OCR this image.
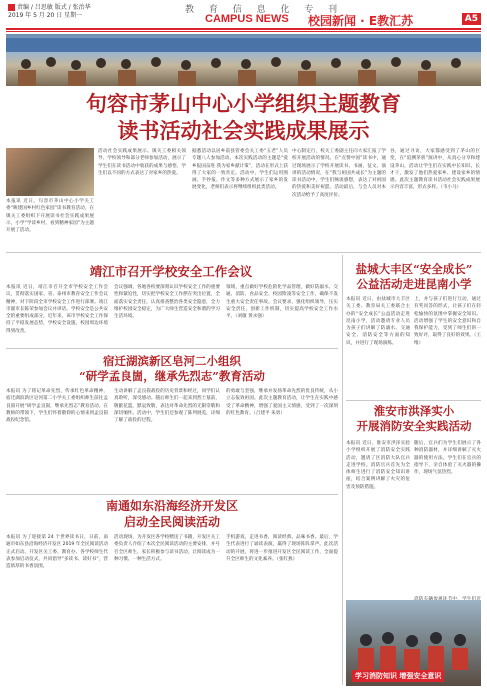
责编 / 吕思敏 版式 / 张治华
2019 年 5 月 20 日 星期一
教 育 信 息 化 专 刊
CAMPUS NEWS 校园新闻 · E教汇苏	A5
句容市茅山中心小学组织主题教育
读书活动社会实践成果展示
本报讯 近日，句容市茅山中心小学关工委“映建国乡村红色家园”读书教育活动，在镇关工委组织下开展读书社会实践成果展示，小学“学读乡村，看到精神家园”为主题开展了活动。
活动社会实践成果展示。镇关工委相关领导、学校领导和部分老师参加活动，展示了学生们在读书活动中收获的成果与感悟，学生们以不同的方式表达了对家乡的热爱。
据悉活动以居乡前县管委会关工委“五老”人员专题八人参加活动。本次实践活动的主题是“爱乡报国奋进 我为家乡献计策”，活动在形式上获得了大家的一致肯定。活动中，学生们运用图画、手抄报、作文等多种方式展示了家乡的发展变化，老师们表示将继续组织此类活动。
中心制定行，校关工委副主任向大家汇报了学校开展活动的情况。在“点赞中国”读书中，通过现场展示了学校开展读书、书画、征文、演讲的活动情况，在“我与祖国共成长”为主题的读书活动中，学生们畅谈感想，表达了对祖国的热爱和美好祝愿。活动最后，与会人员对本次活动给予了高度评价。
谷，通过寻访，大家都感受到了茅山的巨变，在“追溯茅骄”演讲中，从真心分享和建设茅山，活动让学生们在实践中长知识、长才干，激发了他们热爱家乡、建设家乡的情感。此次主题教育读书活动社会实践成果展示内容丰富，形式多样。（韦小马）
靖江市召开学校安全工作会议
本报讯 近日，靖江市召开全市学校安全工作会议，贯彻落实国家、省、泰州市教育安全工作会议精神，对下阶段全市学校安全工作进行部署。靖江市副市长陈荣参加会议并讲话。学校安全是公共安全的重要组成部分，近年来，该市学校安全工作保持了平稳发展态势，学校安全设施、校园周边环境得到改善。
会议强调，各地各校要深刻认识学校安全工作的重要性和紧迫性，切实把学校安全工作摆在突出位置，全面落实安全责任，认真排查整治各类安全隐患，全力维护校园安全稳定，为广大师生营造安全和谐的学习生活环境。
领域，重点做好学校危险化学品管理，做好防溺水、交通、消防、食品安全、校园欺凌等安全工作，确保不发生重大安全责任事故。会议要求，强化组织领导，压实安全责任，创新工作机制，切实提高学校安全工作水平。（刘敏 黄永强）
宿迁湖滨新区皂河二小组织
“研学孟良崮，继承先烈志”教育活动
本报讯 为了铭记革命先烈，传承红色革命精神，宿迁湖滨新区皂河第二小学关工委组织师生前往孟良崮开展“研学孟良崮，继承先烈志”教育活动。在教师的带领下，学生们怀着敬仰的心情来到孟良崮战役纪念馆。
生动讲解了孟良崮战役的历史背景和经过，同学们认真聆听，深受感动。随后师生们一起来到烈士墓前，敬献花篮，默哀致敬，表达对革命先烈的无限崇敬和深切缅怀。活动中，学生们还参观了陈列展览，详细了解了战役的过程。
的勇敢与坚强，继承并发扬革命先烈的优良传统，从小立志报效祖国。此次主题教育活动，让学生在实践中感受了革命精神，增强了爱国主义情感，受到了一次深刻的红色教育。（吕建平 朱勇）
南通如东沿海经济开发区
启动全民阅读活动
本报讯 为了迎接第 24 个世界读书日，日前，南通市如东县沿海经济开发区 2019 年全民阅读活动正式启动。开发区关工委、教育办、各学校师生代表参加启动仪式，共同倡导“多读书、读好书”，营造浓厚的书香氛围。
活动现场，为开发区各学校赠送了书籍，开发区关工委负责人介绍了本次全民阅读活动的主要安排，并号召全区师生、家长积极参与读书活动，让阅读成为一种习惯、一种生活方式。
手机游戏，走进书香，阅读经典、品味书香。最后，学生代表进行了诵读表演，赢得了现场阵阵掌声。此次活动的开展，将进一步推进开发区全民阅读工作，全面提升全区师生的文化素养。（张红燕）
盐城大丰区“安全成长”
公益活动走进昆南小学
本报讯 近日，由盐城市大丰区关工委、教育局关工委联合主办的“安全成长”公益活动走进昆南小学，活动邀请专业人员为孩子们讲解了防溺水、交通安全、消防安全等方面的知识，并进行了现场演练。
上，并与孩子们进行互动，通过有奖问答的形式，让孩子们在轻松愉快的氛围中掌握安全知识。活动增强了学生的安全意识和自我保护能力，受到了师生们的一致好评，取得了良好的效果。（王维）
淮安市洪泽实小
开展消防安全实践活动
本报讯 近日，淮安市洪泽实验小学组织开展了消防安全实践活动，邀请了区消防大队官兵走进学校。消防官兵首先为全体师生进行了消防安全知识讲座，结合案例讲解了火灾的危害及预防措施。
随后，官兵们为学生们展示了各种消防器材，并详细讲解了灭火器的使用方法。学生们在官兵的指导下，亲自体验了灭火器的操作，现场气氛热烈。
学习消防知识 增强安全意识
